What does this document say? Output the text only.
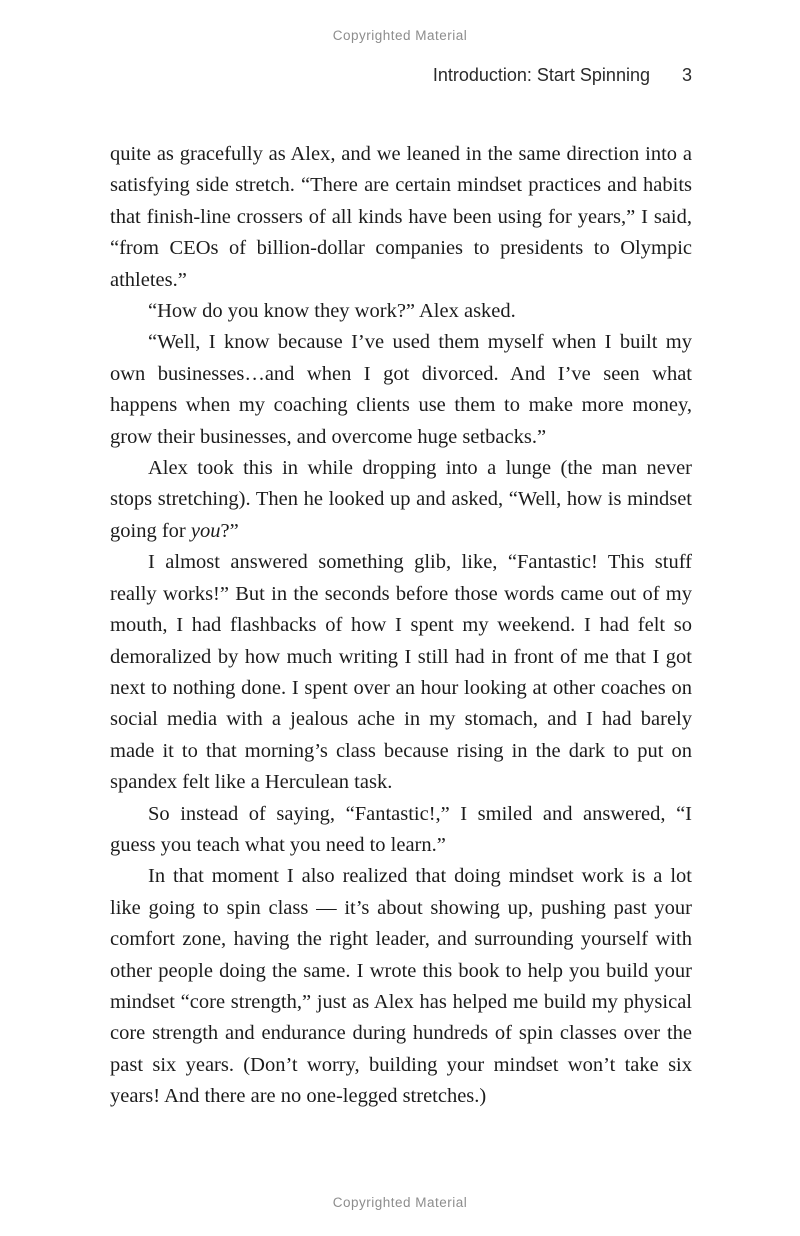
Copyrighted Material
Introduction: Start Spinning 3

quite as gracefully as Alex, and we leaned in the same direction into a satisfying side stretch. “There are certain mindset practices and habits that finish-line crossers of all kinds have been using for years,” I said, “from CEOs of billion-dollar companies to presidents to Olympic athletes.”

“How do you know they work?” Alex asked.

“Well, I know because I’ve used them myself when I built my own businesses…and when I got divorced. And I’ve seen what happens when my coaching clients use them to make more money, grow their businesses, and overcome huge setbacks.”

Alex took this in while dropping into a lunge (the man never stops stretching). Then he looked up and asked, “Well, how is mindset going for you?”

I almost answered something glib, like, “Fantastic! This stuff really works!” But in the seconds before those words came out of my mouth, I had flashbacks of how I spent my weekend. I had felt so demoralized by how much writing I still had in front of me that I got next to nothing done. I spent over an hour looking at other coaches on social media with a jealous ache in my stomach, and I had barely made it to that morning’s class because rising in the dark to put on spandex felt like a Herculean task.

So instead of saying, “Fantastic!,” I smiled and answered, “I guess you teach what you need to learn.”

In that moment I also realized that doing mindset work is a lot like going to spin class — it’s about showing up, pushing past your comfort zone, having the right leader, and surrounding yourself with other people doing the same. I wrote this book to help you build your mindset “core strength,” just as Alex has helped me build my physical core strength and endurance during hundreds of spin classes over the past six years. (Don’t worry, building your mindset won’t take six years! And there are no one-legged stretches.)

Copyrighted Material
